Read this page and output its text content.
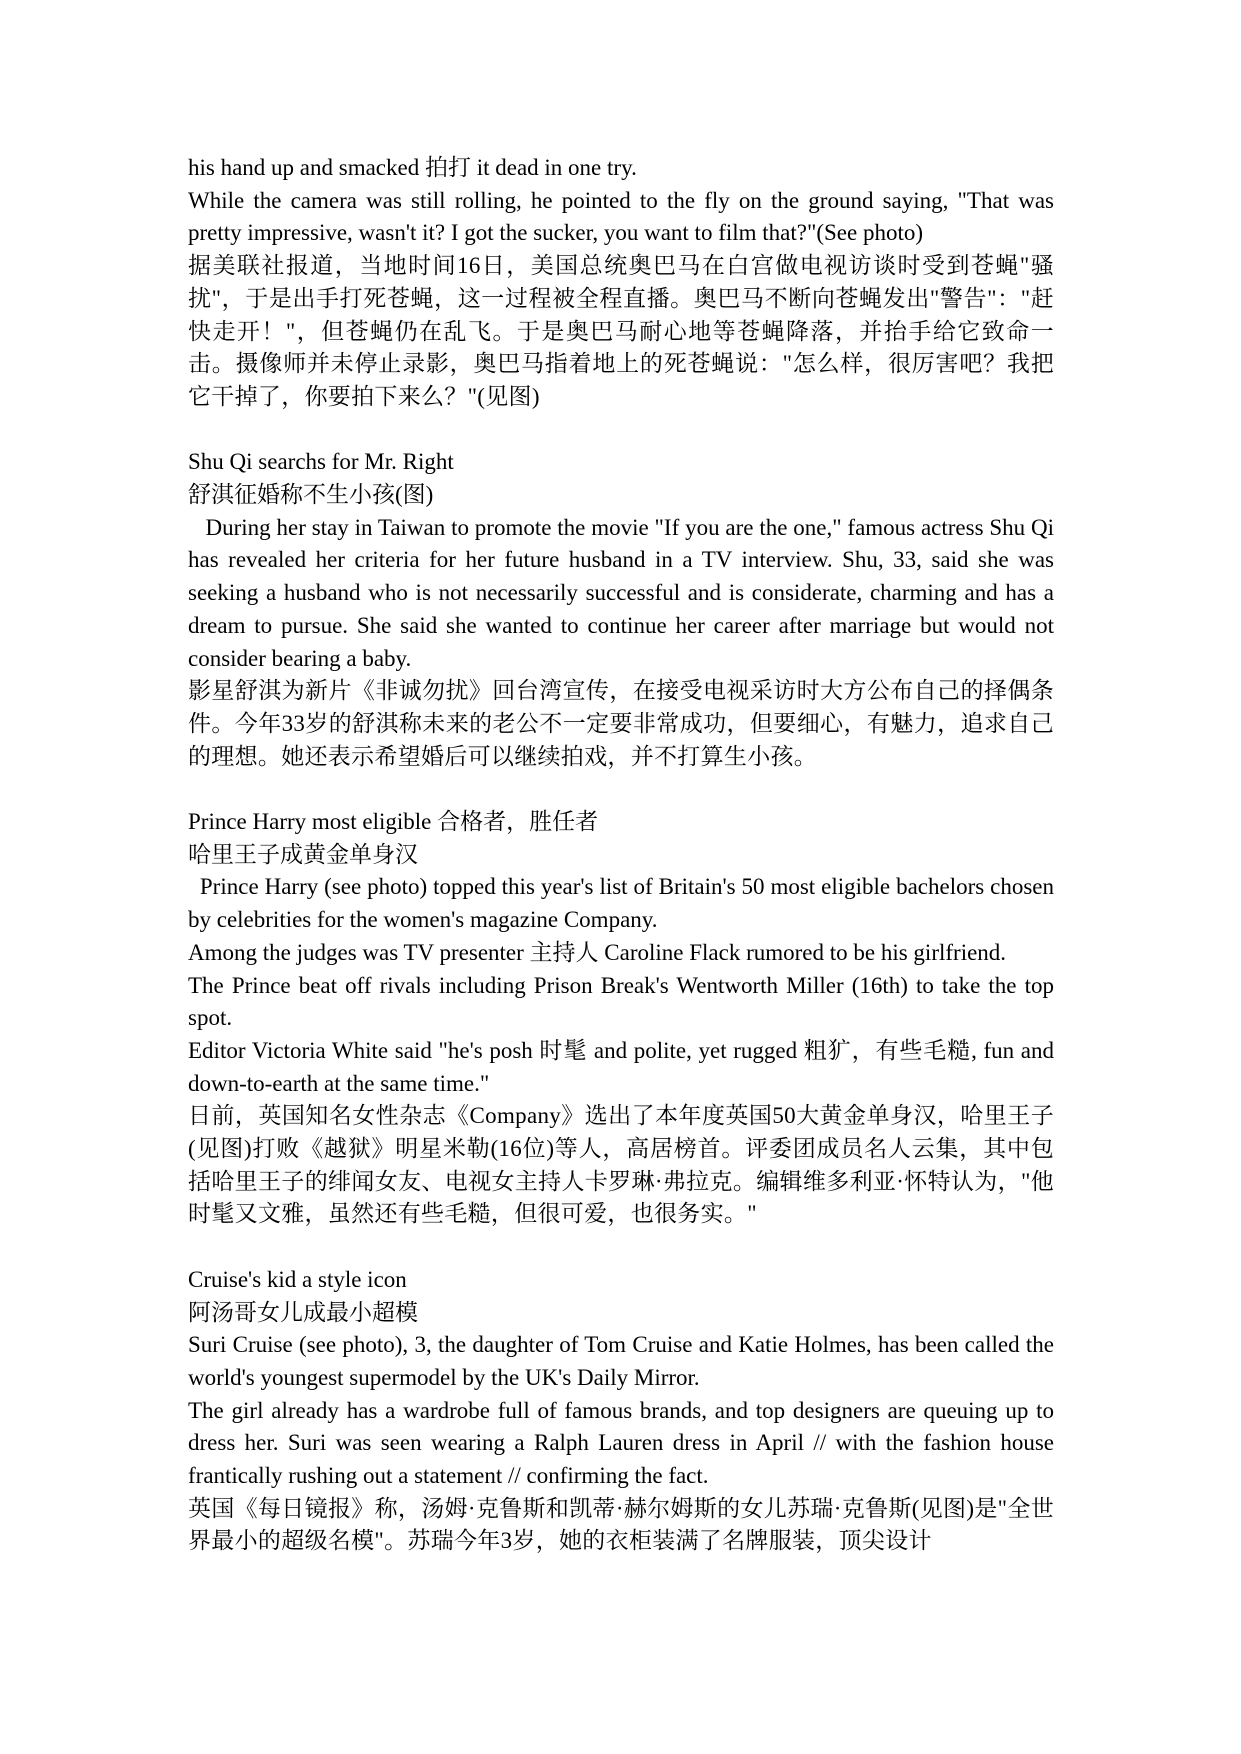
his hand up and smacked 拍打 it dead in one try.

While the camera was still rolling, he pointed to the fly on the ground saying, "That was pretty impressive, wasn't it? I got the sucker, you want to film that?"(See photo)

据美联社报道，当地时间16日，美国总统奥巴马在白宫做电视访谈时受到苍蝇"骚扰"，于是出手打死苍蝇，这一过程被全程直播。奥巴马不断向苍蝇发出"警告"："赶快走开！"，但苍蝇仍在乱飞。于是奥巴马耐心地等苍蝇降落，并抬手给它致命一击。摄像师并未停止录影，奥巴马指着地上的死苍蝇说："怎么样，很厉害吧？我把它干掉了，你要拍下来么？"(见图)

Shu Qi searchs for Mr. Right

舒淇征婚称不生小孩(图)

During her stay in Taiwan to promote the movie "If you are the one," famous actress Shu Qi has revealed her criteria for her future husband in a TV interview. Shu, 33, said she was seeking a husband who is not necessarily successful and is considerate, charming and has a dream to pursue. She said she wanted to continue her career after marriage but would not consider bearing a baby.

影星舒淇为新片《非诚勿扰》回台湾宣传，在接受电视采访时大方公布自己的择偶条件。今年33岁的舒淇称未来的老公不一定要非常成功，但要细心，有魅力，追求自己的理想。她还表示希望婚后可以继续拍戏，并不打算生小孩。

Prince Harry most eligible 合格者，胜任者

哈里王子成黄金单身汉

Prince Harry (see photo) topped this year's list of Britain's 50 most eligible bachelors chosen by celebrities for the women's magazine Company.

Among the judges was TV presenter 主持人 Caroline Flack rumored to be his girlfriend.

The Prince beat off rivals including Prison Break's Wentworth Miller (16th) to take the top spot.

Editor Victoria White said "he's posh 时髦 and polite, yet rugged 粗犷，有些毛糙, fun and down-to-earth at the same time."

日前，英国知名女性杂志《Company》选出了本年度英国50大黄金单身汉，哈里王子(见图)打败《越狱》明星米勒(16位)等人，高居榜首。评委团成员名人云集，其中包括哈里王子的绯闻女友、电视女主持人卡罗琳·弗拉克。编辑维多利亚·怀特认为，"他时髦又文雅，虽然还有些毛糙，但很可爱，也很务实。"

Cruise's kid a style icon

阿汤哥女儿成最小超模

Suri Cruise (see photo), 3, the daughter of Tom Cruise and Katie Holmes, has been called the world's youngest supermodel by the UK's Daily Mirror.

The girl already has a wardrobe full of famous brands, and top designers are queuing up to dress her. Suri was seen wearing a Ralph Lauren dress in April // with the fashion house frantically rushing out a statement // confirming the fact.

英国《每日镜报》称，汤姆·克鲁斯和凯蒂·赫尔姆斯的女儿苏瑞·克鲁斯(见图)是"全世界最小的超级名模"。苏瑞今年3岁，她的衣柜装满了名牌服装，顶尖设计
